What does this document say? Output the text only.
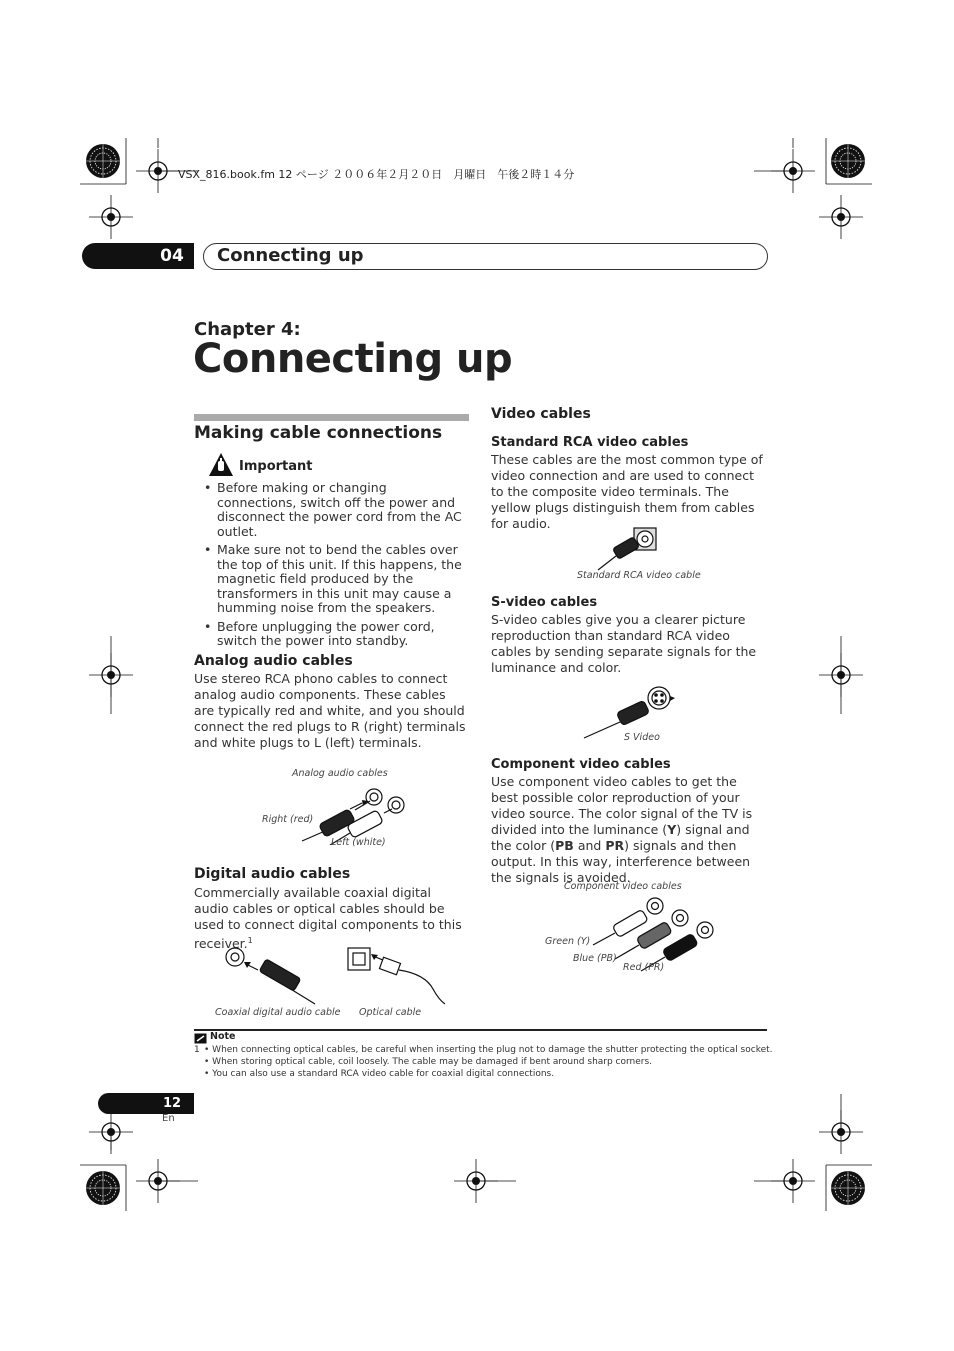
VSX_816.book.fm 12 ページ ２００６年２月２０日　月曜日　午後２時１４分
04	Connecting up
Chapter 4:
Connecting up
Making cable connections
Important
• Before making or changing connections, switch off the power and disconnect the power cord from the AC outlet.
• Make sure not to bend the cables over the top of this unit. If this happens, the magnetic field produced by the transformers in this unit may cause a humming noise from the speakers.
• Before unplugging the power cord, switch the power into standby.
Analog audio cables
Use stereo RCA phono cables to connect analog audio components. These cables are typically red and white, and you should connect the red plugs to R (right) terminals and white plugs to L (left) terminals.
Analog audio cables
Right (red)
Left (white)
Digital audio cables
Commercially available coaxial digital audio cables or optical cables should be used to connect digital components to this receiver.$^1$
Coaxial digital audio cable Optical cable
Video cables
Standard RCA video cables
These cables are the most common type of video connection and are used to connect to the composite video terminals. The yellow plugs distinguish them from cables for audio.
Standard RCA video cable
S-video cables
S-video cables give you a clearer picture reproduction than standard RCA video cables by sending separate signals for the luminance and color.
S Video
Component video cables
Use component video cables to get the best possible color reproduction of your video source. The color signal of the TV is divided into the luminance (Y) signal and the color (PB and PR) signals and then output. In this way, interference between the signals is avoided.
Component video cables
Green (Y)
Blue (PB)
Red (PR)
Note
1 • When connecting optical cables, be careful when inserting the plug not to damage the shutter protecting the optical socket.
• When storing optical cable, coil loosely. The cable may be damaged if bent around sharp corners.
• You can also use a standard RCA video cable for coaxial digital connections.
12
En
